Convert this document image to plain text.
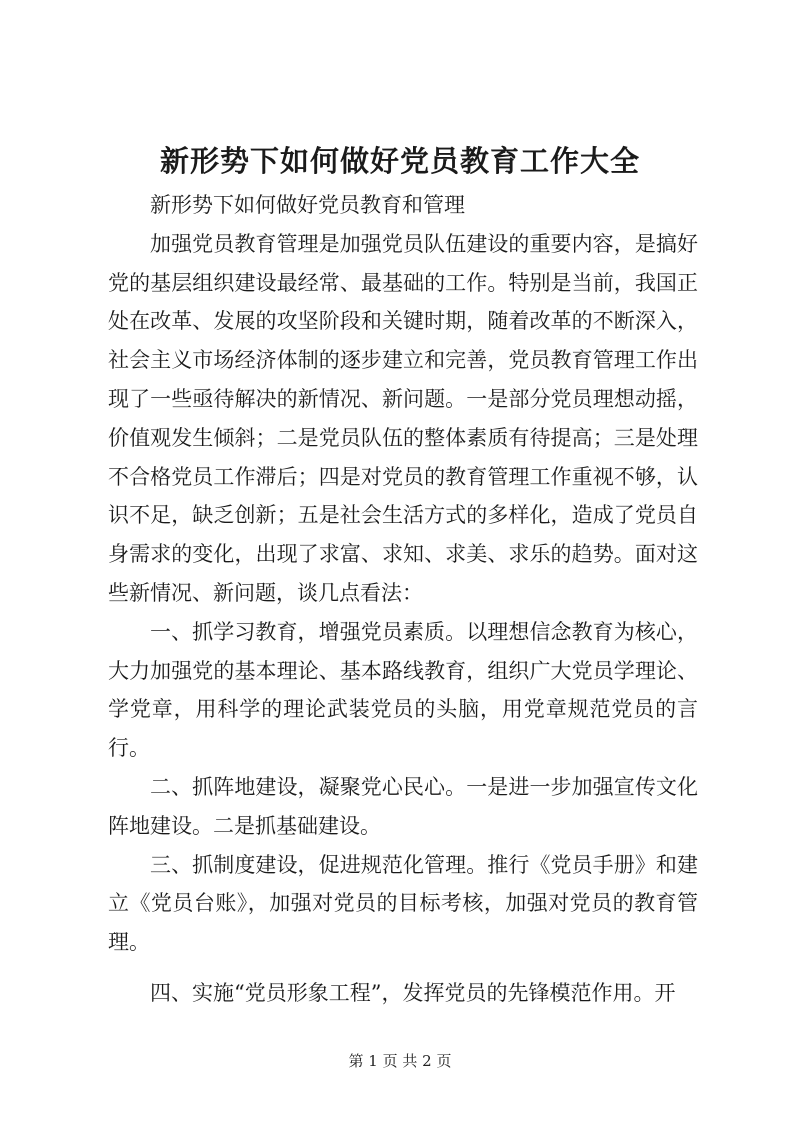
新形势下如何做好党员教育工作大全

新形势下如何做好党员教育和管理

加强党员教育管理是加强党员队伍建设的重要内容，是搞好党的基层组织建设最经常、最基础的工作。特别是当前，我国正处在改革、发展的攻坚阶段和关键时期，随着改革的不断深入，社会主义市场经济体制的逐步建立和完善，党员教育管理工作出现了一些亟待解决的新情况、新问题。一是部分党员理想动摇，价值观发生倾斜；二是党员队伍的整体素质有待提高；三是处理不合格党员工作滞后；四是对党员的教育管理工作重视不够，认识不足，缺乏创新；五是社会生活方式的多样化，造成了党员自身需求的变化，出现了求富、求知、求美、求乐的趋势。面对这些新情况、新问题，谈几点看法：

一、抓学习教育，增强党员素质。以理想信念教育为核心，大力加强党的基本理论、基本路线教育，组织广大党员学理论、学党章，用科学的理论武装党员的头脑，用党章规范党员的言行。

二、抓阵地建设，凝聚党心民心。一是进一步加强宣传文化阵地建设。二是抓基础建设。

三、抓制度建设，促进规范化管理。推行《党员手册》和建立《党员台账》，加强对党员的目标考核，加强对党员的教育管理。

四、实施“党员形象工程”，发挥党员的先锋模范作用。开

第 1 页 共 2 页
